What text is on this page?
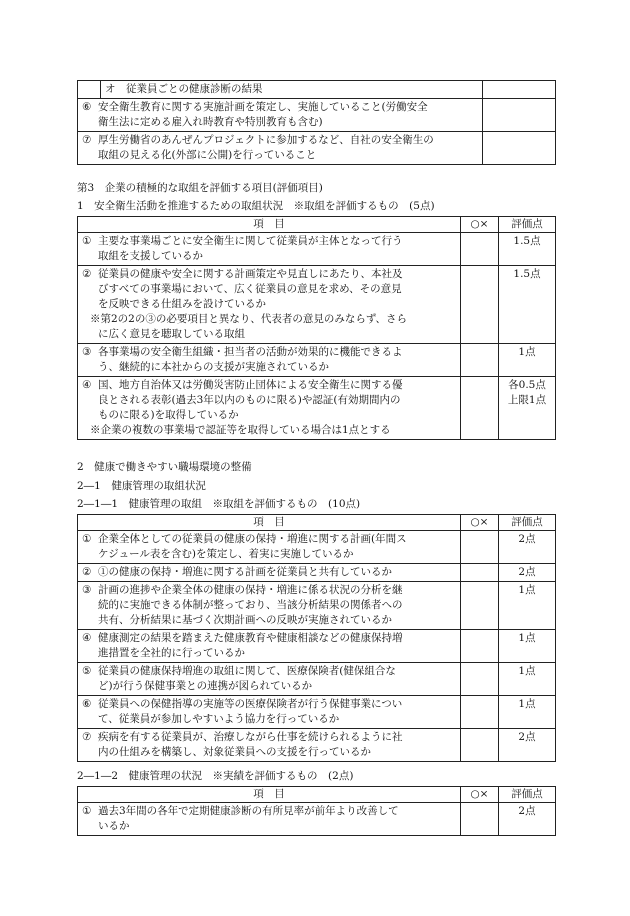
オ　従業員ごとの健康診断の結果

⑥ 安全衛生教育に関する実施計画を策定し、実施していること(労働安全
衛生法に定める雇入れ時教育や特別教育も含む)

⑦ 厚生労働省のあんぜんプロジェクトに参加するなど、自社の安全衛生の
取組の見える化(外部に公開)を行っていること

第3　企業の積極的な取組を評価する項目(評価項目)
1　安全衛生活動を推進するための取組状況　※取組を評価するもの　(5点)
項　目	○×	評価点
① 主要な事業場ごとに安全衛生に関して従業員が主体となって行う
取組を支援しているか		1.5点
② 従業員の健康や安全に関する計画策定や見直しにあたり、本社及
びすべての事業場において、広く従業員の意見を求め、その意見
を反映できる仕組みを設けているか
※第2の2の③の必要項目と異なり、代表者の意見のみならず、さら
に広く意見を聴取している取組		1.5点
③ 各事業場の安全衛生組織・担当者の活動が効果的に機能できるよ
う、継続的に本社からの支援が実施されているか		1点
④ 国、地方自治体又は労働災害防止団体による安全衛生に関する優
良とされる表彰(過去3年以内のものに限る)や認証(有効期間内の
ものに限る)を取得しているか
※企業の複数の事業場で認証等を取得している場合は1点とする		各0.5点
上限1点
2　健康で働きやすい職場環境の整備
2―1　健康管理の取組状況
2―1―1　健康管理の取組　※取組を評価するもの　(10点)
項　目	○×	評価点
① 企業全体としての従業員の健康の保持・増進に関する計画(年間ス
ケジュール表を含む)を策定し、着実に実施しているか		2点
② ①の健康の保持・増進に関する計画を従業員と共有しているか		2点
③ 計画の進捗や企業全体の健康の保持・増進に係る状況の分析を継
続的に実施できる体制が整っており、当該分析結果の関係者への
共有、分析結果に基づく次期計画への反映が実施されているか		1点
④ 健康測定の結果を踏まえた健康教育や健康相談などの健康保持増
進措置を全社的に行っているか		1点
⑤ 従業員の健康保持増進の取組に関して、医療保険者(健保組合な
ど)が行う保健事業との連携が図られているか		1点
⑥ 従業員への保健指導の実施等の医療保険者が行う保健事業につい
て、従業員が参加しやすいよう協力を行っているか		1点
⑦ 疾病を有する従業員が、治療しながら仕事を続けられるように社
内の仕組みを構築し、対象従業員への支援を行っているか		2点
2―1―2　健康管理の状況　※実績を評価するもの　(2点)
項　目	○×	評価点
① 過去3年間の各年で定期健康診断の有所見率が前年より改善して
いるか		2点
